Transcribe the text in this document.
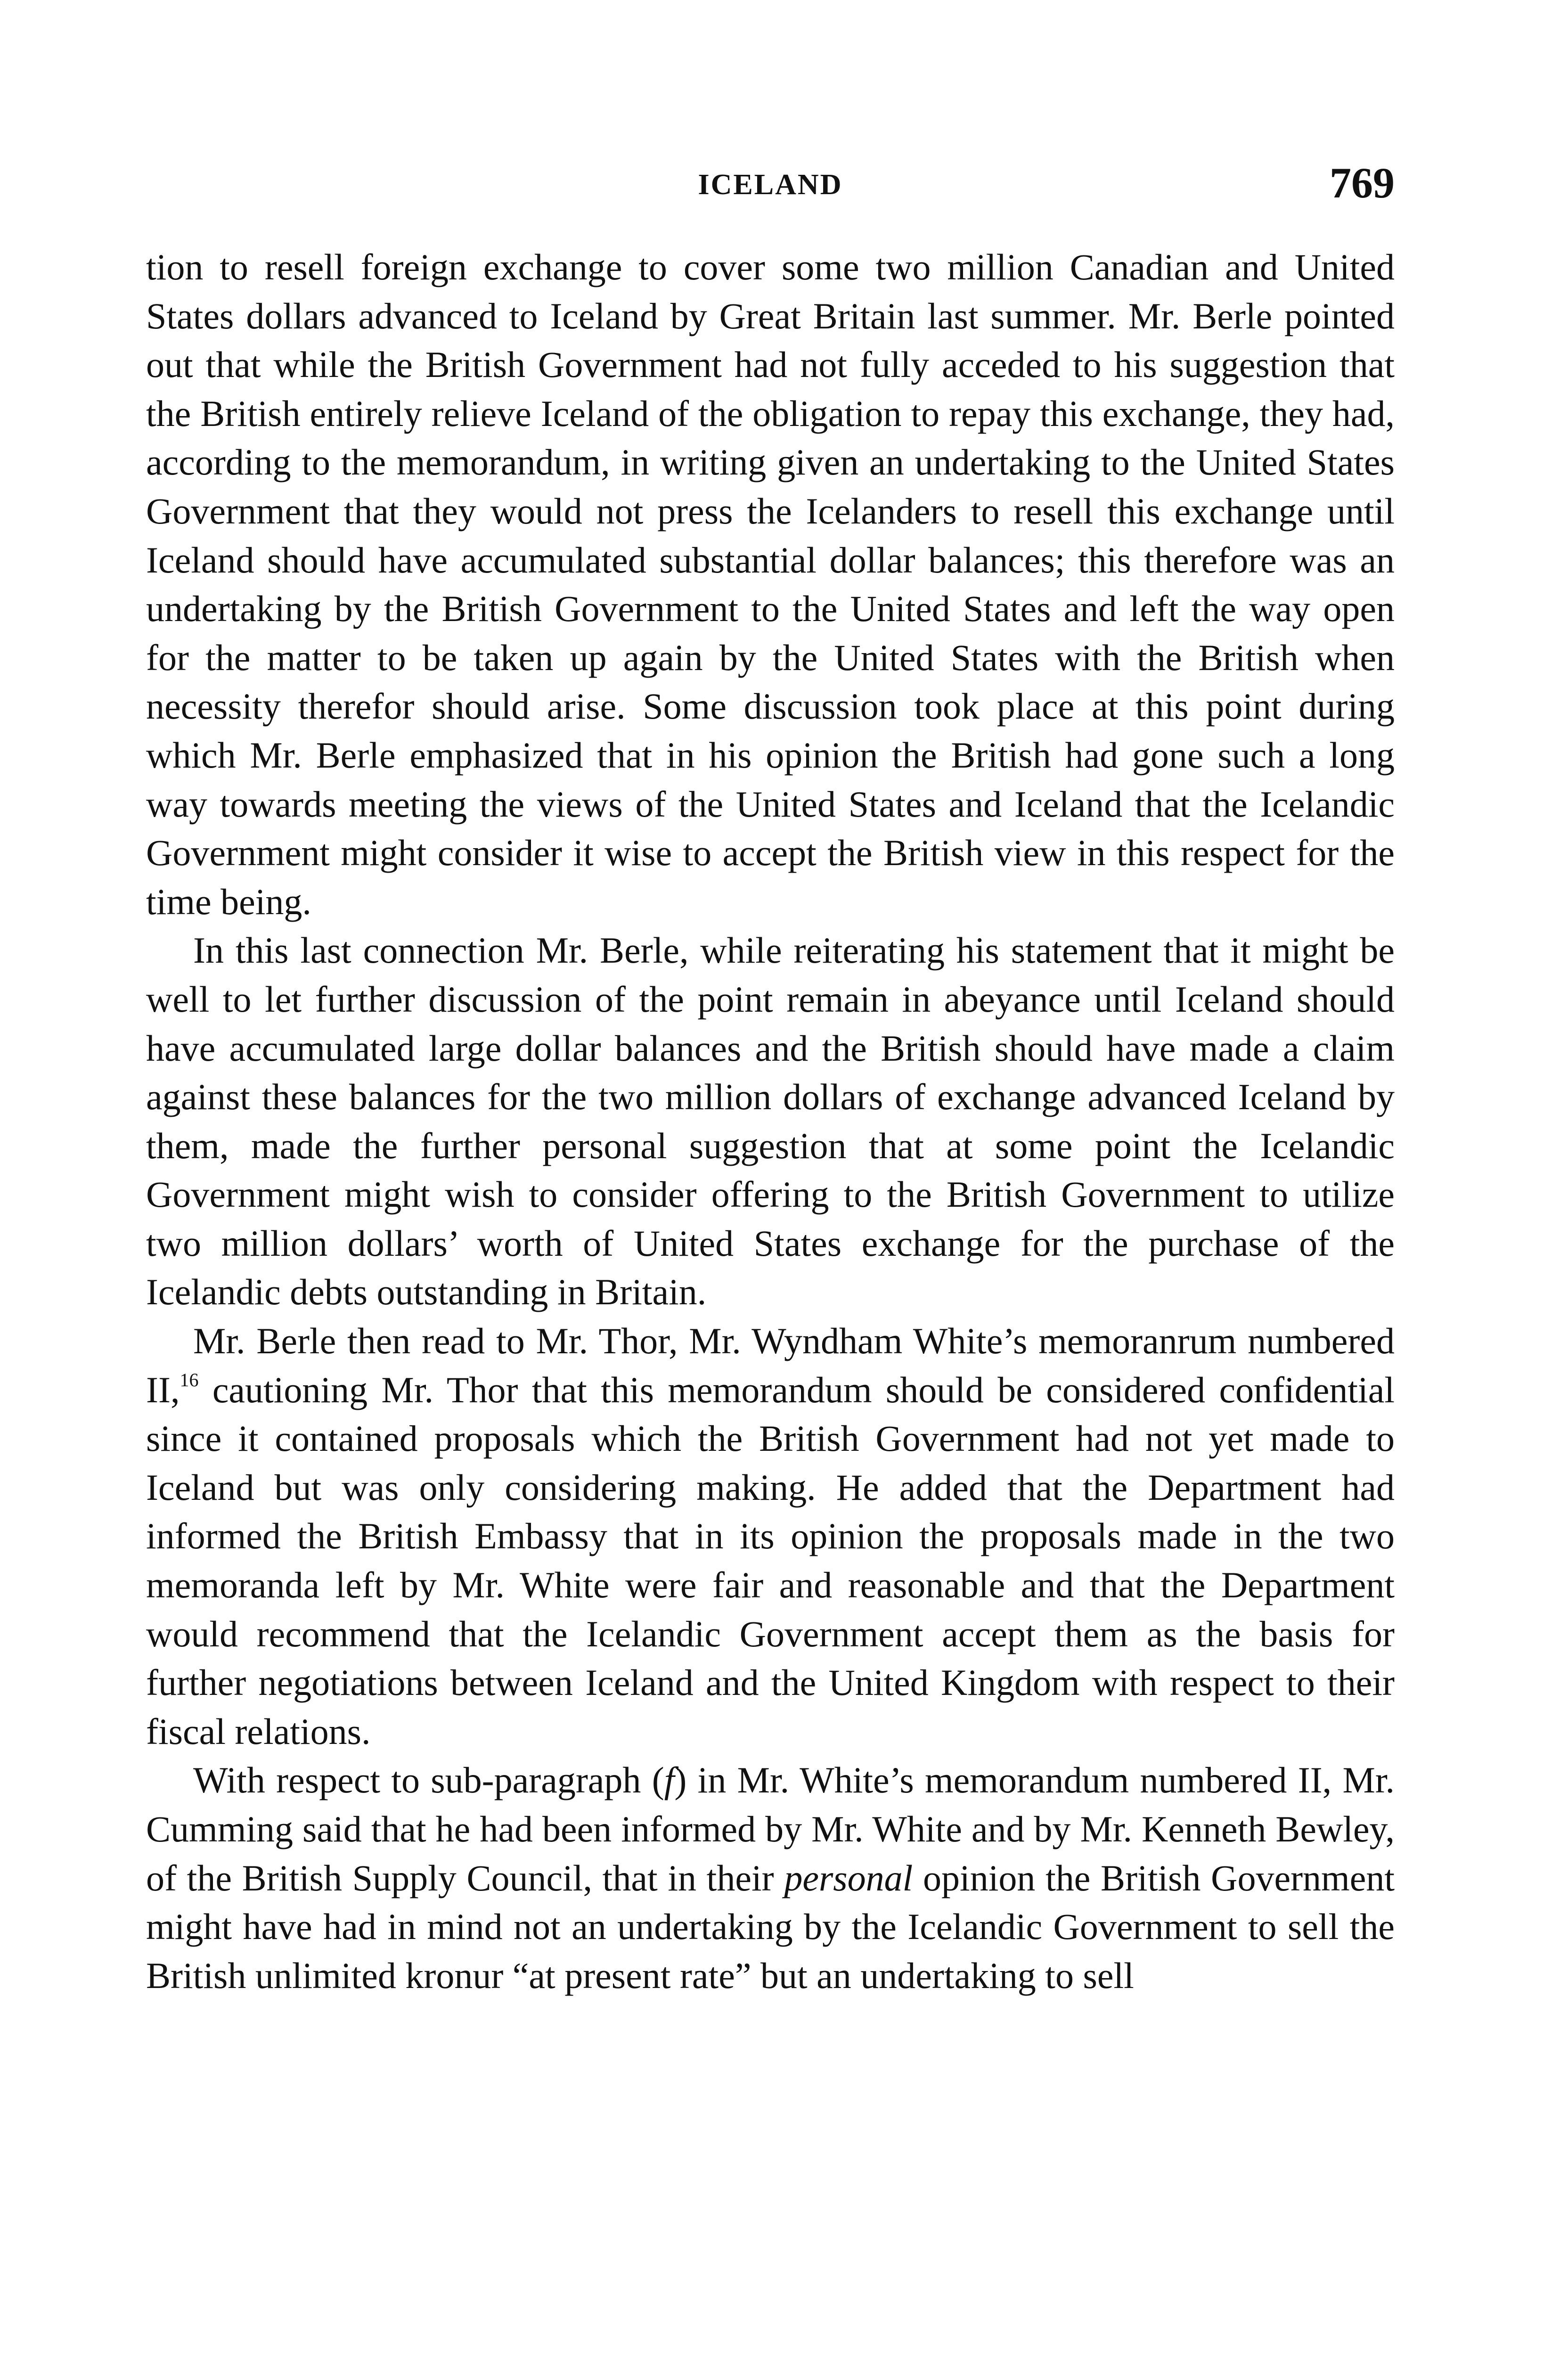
ICELAND	769

tion to resell foreign exchange to cover some two million Canadian and United States dollars advanced to Iceland by Great Britain last summer. Mr. Berle pointed out that while the British Government had not fully acceded to his suggestion that the British entirely relieve Iceland of the obligation to repay this exchange, they had, according to the memorandum, in writing given an undertaking to the United States Government that they would not press the Icelanders to resell this exchange until Iceland should have accumulated substantial dollar balances; this therefore was an undertaking by the British Government to the United States and left the way open for the matter to be taken up again by the United States with the British when necessity therefor should arise. Some discussion took place at this point during which Mr. Berle emphasized that in his opinion the British had gone such a long way towards meeting the views of the United States and Iceland that the Icelandic Government might consider it wise to accept the British view in this respect for the time being.

In this last connection Mr. Berle, while reiterating his statement that it might be well to let further discussion of the point remain in abeyance until Iceland should have accumulated large dollar balances and the British should have made a claim against these balances for the two million dollars of exchange advanced Iceland by them, made the further personal suggestion that at some point the Icelandic Government might wish to consider offering to the British Government to utilize two million dollars’ worth of United States exchange for the purchase of the Icelandic debts outstanding in Britain.

Mr. Berle then read to Mr. Thor, Mr. Wyndham White’s memoranrum numbered II,$^{16}$ cautioning Mr. Thor that this memorandum should be considered confidential since it contained proposals which the British Government had not yet made to Iceland but was only considering making. He added that the Department had informed the British Embassy that in its opinion the proposals made in the two memoranda left by Mr. White were fair and reasonable and that the Department would recommend that the Icelandic Government accept them as the basis for further negotiations between Iceland and the United Kingdom with respect to their fiscal relations.

With respect to sub-paragraph (f) in Mr. White’s memorandum numbered II, Mr. Cumming said that he had been informed by Mr. White and by Mr. Kenneth Bewley, of the British Supply Council, that in their personal opinion the British Government might have had in mind not an undertaking by the Icelandic Government to sell the British unlimited kronur “at present rate” but an undertaking to sell
